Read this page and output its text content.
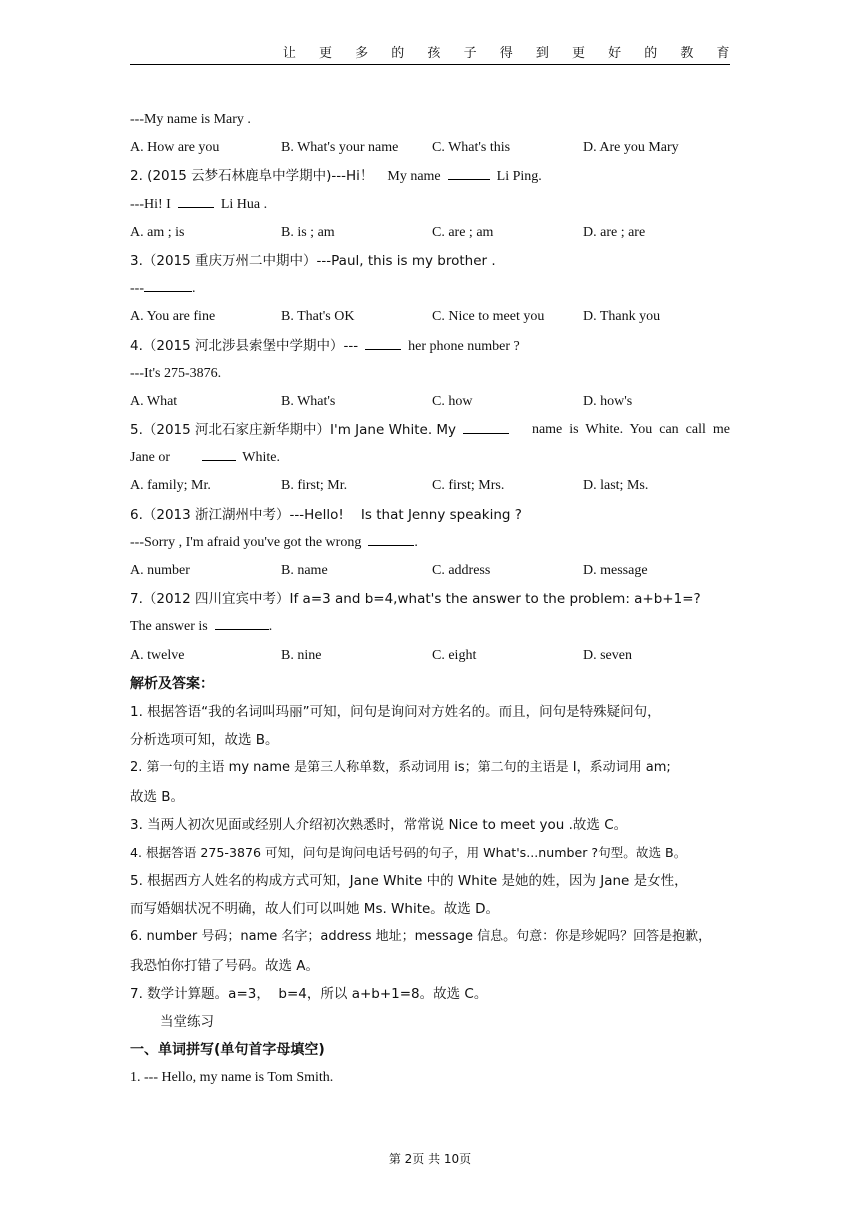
让 更 多 的 孩 子 得 到 更 好 的 教 育
---My name is Mary .
A. How are you	B. What's your name	C. What's this	D. Are you Mary
2. (2015 云梦石林鹿阜中学期中)---Hi！ My name	Li Ping.
---Hi! I	Li Hua .
A. am ; is	B. is ; am	C. are ; am	D. are ; are
3.（2015 重庆万州二中期中）---Paul, this is my brother .
---	.
A. You are fine	B. That's OK	C. Nice to meet you	D. Thank you
4.（2015 河北涉县索堡中学期中）---	her phone number ?
---It's 275-3876.
A. What	B. What's	C. how	D. how's
5.（2015 河北石家庄新华期中）I'm Jane White. My	name  is  White.  You  can  call  me
Jane or	White.
A. family; Mr.	B. first; Mr.	C. first; Mrs.	D. last; Ms.
6.（2013 浙江湖州中考）---Hello!    Is that Jenny speaking ?
---Sorry , I'm afraid you've got the wrong	.
A. number	B. name	C. address	D. message
7.（2012 四川宜宾中考）If a=3 and b=4,what's the answer to the problem: a+b+1=?
The answer is	.
A. twelve	B. nine	C. eight	D. seven
解析及答案：
1. 根据答语“我的名词叫玛丽”可知，问句是询问对方姓名的。而且，问句是特殊疑问句，
分析选项可知，故选 B。
2. 第一句的主语 my name 是第三人称单数，系动词用 is；第二句的主语是 I，系动词用 am;
故选 B。
3. 当两人初次见面或经别人介绍初次熟悉时，常常说 Nice to meet you .故选 C。
4. 根据答语 275-3876 可知，问句是询问电话号码的句子，用 What's...number ?句型。故选 B。
5. 根据西方人姓名的构成方式可知，Jane White 中的 White 是她的姓，因为 Jane 是女性，
而写婚姻状况不明确，故人们可以叫她 Ms. White。故选 D。
6. number 号码；name 名字；address 地址；message 信息。句意：你是珍妮吗？回答是抱歉，
我恐怕你打错了号码。故选 A。
7. 数学计算题。a=3，  b=4，所以 a+b+1=8。故选 C。
当堂练习
一、单词拼写(单句首字母填空)
1. --- Hello, my name is Tom Smith.
第 2页 共 10页
